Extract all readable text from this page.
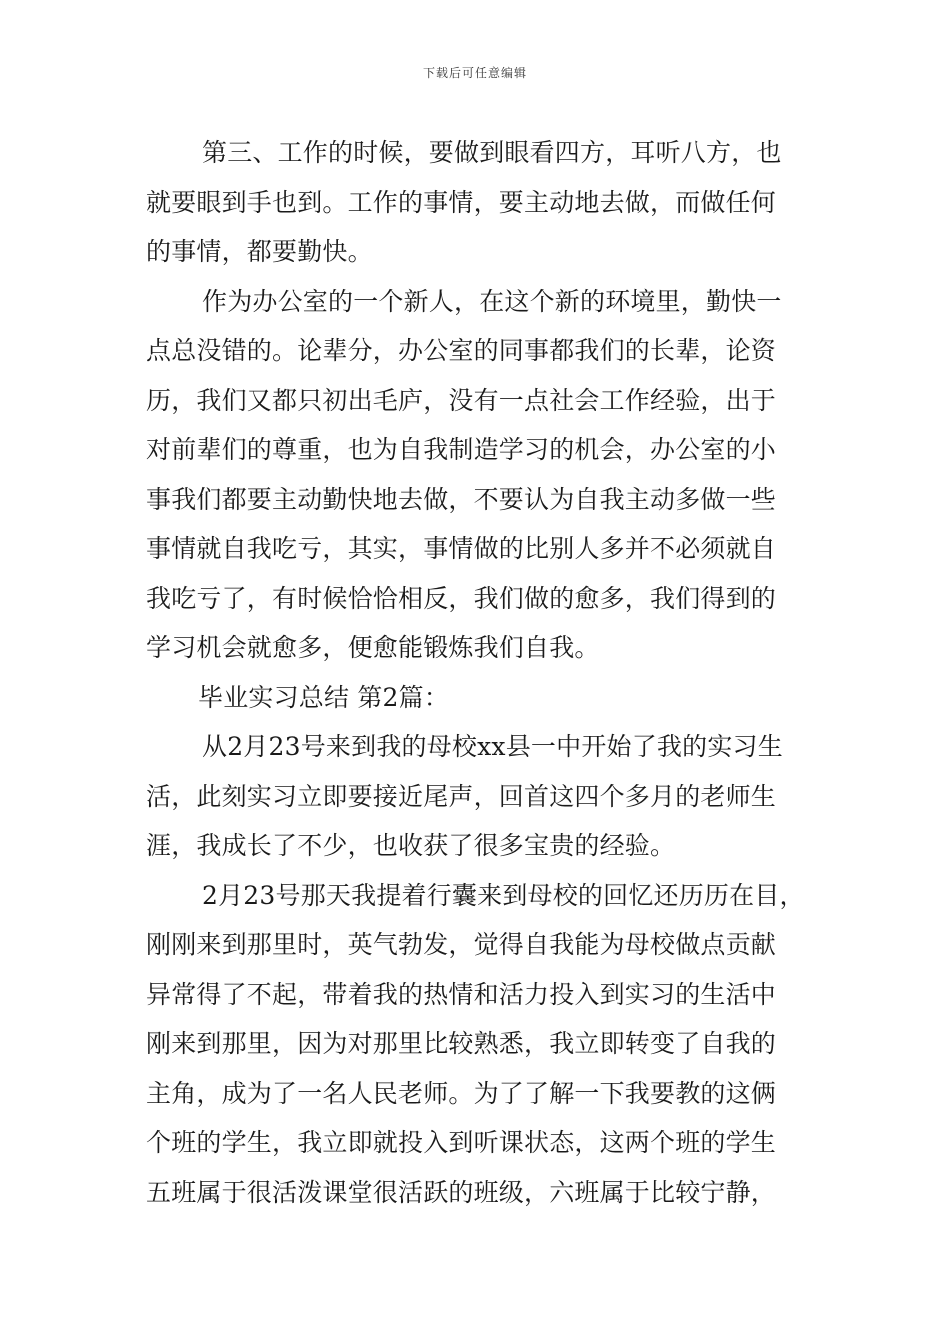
下载后可任意编辑
第三、工作的时候，要做到眼看四方，耳听八方，也
就要眼到手也到。工作的事情，要主动地去做，而做任何
的事情，都要勤快。
作为办公室的一个新人，在这个新的环境里，勤快一
点总没错的。论辈分，办公室的同事都我们的长辈，论资
历，我们又都只初出毛庐，没有一点社会工作经验，出于
对前辈们的尊重，也为自我制造学习的机会，办公室的小
事我们都要主动勤快地去做，不要认为自我主动多做一些
事情就自我吃亏，其实，事情做的比别人多并不必须就自
我吃亏了，有时候恰恰相反，我们做的愈多，我们得到的
学习机会就愈多，便愈能锻炼我们自我。
毕业实习总结 第2篇：
从2月23号来到我的母校xx县一中开始了我的实习生
活，此刻实习立即要接近尾声，回首这四个多月的老师生
涯，我成长了不少，也收获了很多宝贵的经验。
2月23号那天我提着行囊来到母校的回忆还历历在目，
刚刚来到那里时，英气勃发，觉得自我能为母校做点贡献
异常得了不起，带着我的热情和活力投入到实习的生活中
刚来到那里，因为对那里比较熟悉，我立即转变了自我的
主角，成为了一名人民老师。为了了解一下我要教的这俩
个班的学生，我立即就投入到听课状态，这两个班的学生
五班属于很活泼课堂很活跃的班级，六班属于比较宁静，
